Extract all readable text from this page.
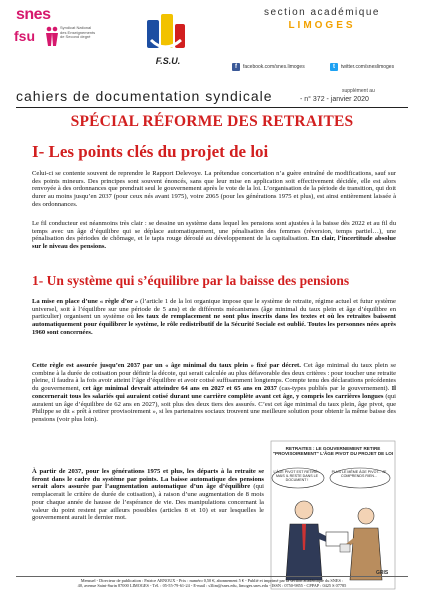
snes
fsu
Syndicat National
des Enseignements
de Second degré
F.S.U.
section académique
LIMOGES
f	facebook.com/snes.limoges	t	twitter.com/sneslimoges
cahiers de documentation syndicale	supplément au
- n° 372 - janvier 2020
SPÉCIAL RÉFORME DES RETRAITES
I- Les points clés du projet de loi

Celui-ci se contente souvent de reprendre le Rapport Delevoye. La prétendue concertation n’a guère entraîné de modifications, sauf sur des points mineurs. Des principes sont souvent énoncés, sans que leur mise en application soit effectivement décidée, elle est alors renvoyée à des ordonnances que prendrait seul le gouvernement après le vote de la loi. L’organisation de la période de transition, qui doit durer au moins jusqu’en 2037 (pour ceux nés avant 1975), voire 2065 (pour les générations 1975 et plus), est ainsi entièrement laissée à des ordonnances.

Le fil conducteur est néanmoins très clair : se dessine un système dans lequel les pensions sont ajustées à la baisse dès 2022 et au fil du temps avec un âge d’équilibre qui se déplace automatiquement, une pénalisation des femmes (réversion, temps partiel…), une pénalisation des périodes de chômage, et le tapis rouge déroulé au développement de la capitalisation. En clair, l’incertitude absolue sur le niveau des pensions.

1- Un système qui s’équilibre par la baisse des pensions

La mise en place d’une « règle d’or » (l’article 1 de la loi organique impose que le système de retraite, régime actuel et futur système universel, soit à l’équilibre sur une période de 5 ans) et de différents mécanismes (âge minimal du taux plein et âge d’équilibre en particulier) organisent un système où les taux de remplacement ne sont plus inscrits dans les textes et où les retraites baissent automatiquement pour équilibrer le système, le rôle redistributif de la Sécurité Sociale est oublié. Toutes les personnes nées après 1960 sont concernées.

Cette règle est assurée jusqu’en 2037 par un « âge minimal du taux plein » fixé par décret. Cet âge minimal du taux plein se combine à la durée de cotisation pour définir la décote, qui serait calculée au plus défavorable des deux critères : pour toucher une retraite pleine, il faudra à la fois avoir atteint l’âge d’équilibre et avoir cotisé suffisamment longtemps. Compte tenu des déclarations précédentes du gouvernement, cet âge minimal devrait atteindre 64 ans en 2027 et 65 ans en 2037 (cas-types publiés par le gouvernement). Il concernerait tous les salariés qui auraient cotisé durant une carrière complète avant cet âge, y compris les carrières longues (qui auraient un âge d’équilibre de 62 ans en 2027), soit plus des deux tiers des assurés. C’est cet âge minimal du taux plein, âge pivot, que Philippe se dit « prêt à retirer provisoirement », si les partenaires sociaux trouvent une meilleure solution pour obtenir la même baisse des pensions (voir plus loin).

À partir de 2037, pour les générations 1975 et plus, les départs à la retraite se feront dans le cadre du système par points. La baisse automatique des pensions serait alors assurée par l’augmentation automatique d’un âge d’équilibre (qui remplacerait le critère de durée de cotisation), à raison d’une augmentation de 8 mois pour chaque année de hausse de l’espérance de vie. Des manipulations concernant la valeur du point restent par ailleurs possibles (articles 8 et 10) et sur lesquelles le gouvernement aurait le dernier mot.

RETRAITES : LE GOUVERNEMENT RETIRE "PROVISOIREMENT" L'ÂGE PIVOT DU PROJET DE LOI
L'ÂGE PIVOT EST RETIRÉ... MAIS IL RESTE DANS LE DOCUMENT !
PLUS LE MÊME ÂGE PIVOT... JE COMPRENDS RIEN...
GRIS
Mensuel - Directeur de publication : Patrice ARNOUX - Prix : numéro 0,50 €, abonnement 5 € - Publié et imprimé par la section académique du SNES :
40, avenue Saint-Surin 87000 LIMOGES - Tél. : 05-55-79-61-24 - E-mail : s3lim@snes.edu, limoges.snes.edu - ISSN : 0750-9855 - CPPAP : 0425 S 07785
